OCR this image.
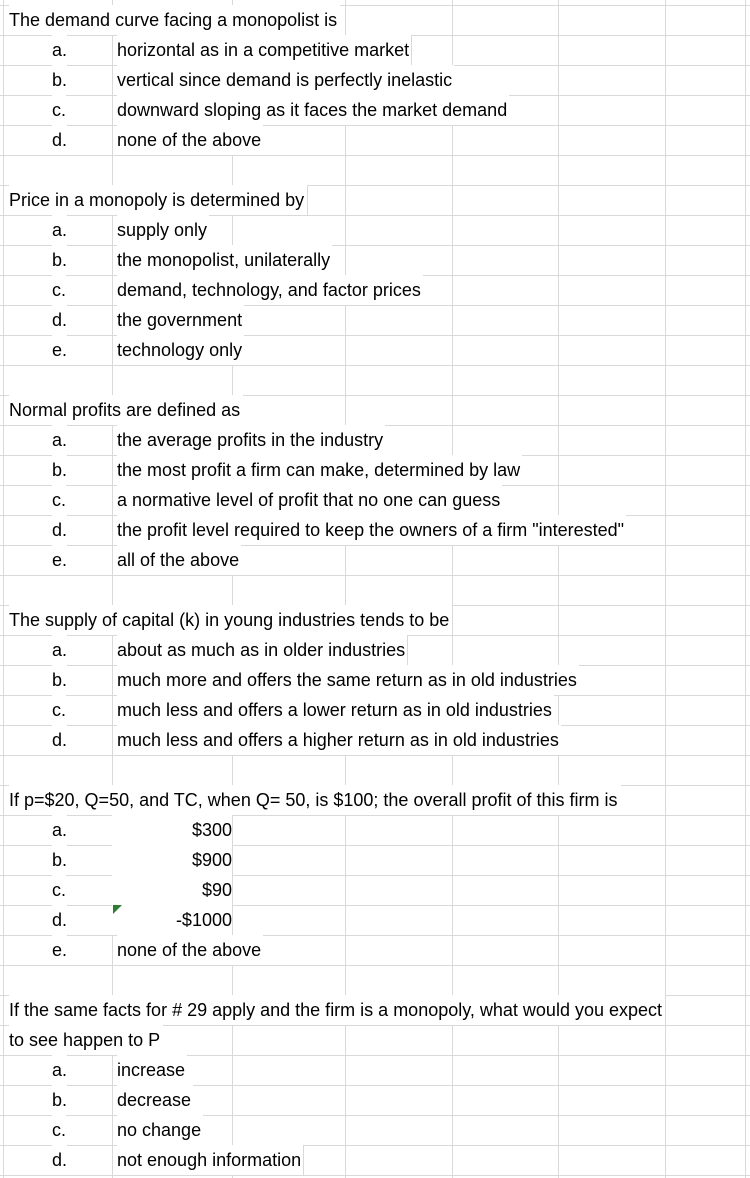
The demand curve facing a monopolist is
a.	horizontal as in a competitive market
b.	vertical since demand is perfectly inelastic
c.	downward sloping as it faces the market demand
d.	none of the above
Price in a monopoly is determined by
a.	supply only
b.	the monopolist, unilaterally
c.	demand, technology, and factor prices
d.	the government
e.	technology only
Normal profits are defined as
a.	the average profits in the industry
b.	the most profit a firm can make, determined by law
c.	a normative level of profit that no one can guess
d.	the profit level required to keep the owners of a firm "interested"
e.	all of the above
The supply of capital (k) in young industries tends to be
a.	about as much as in older industries
b.	much more and offers the same return as in old industries
c.	much less and offers a lower return as in old industries
d.	much less and offers a higher return as in old industries
If p=$20, Q=50, and TC, when Q= 50, is $100; the overall profit of this firm is
a.	$300
b.	$900
c.	$90
d.	-$1000
e.	none of the above
If the same facts for # 29 apply and the firm is a monopoly, what would you expect
to see happen to P
a.	increase
b.	decrease
c.	no change
d.	not enough information
